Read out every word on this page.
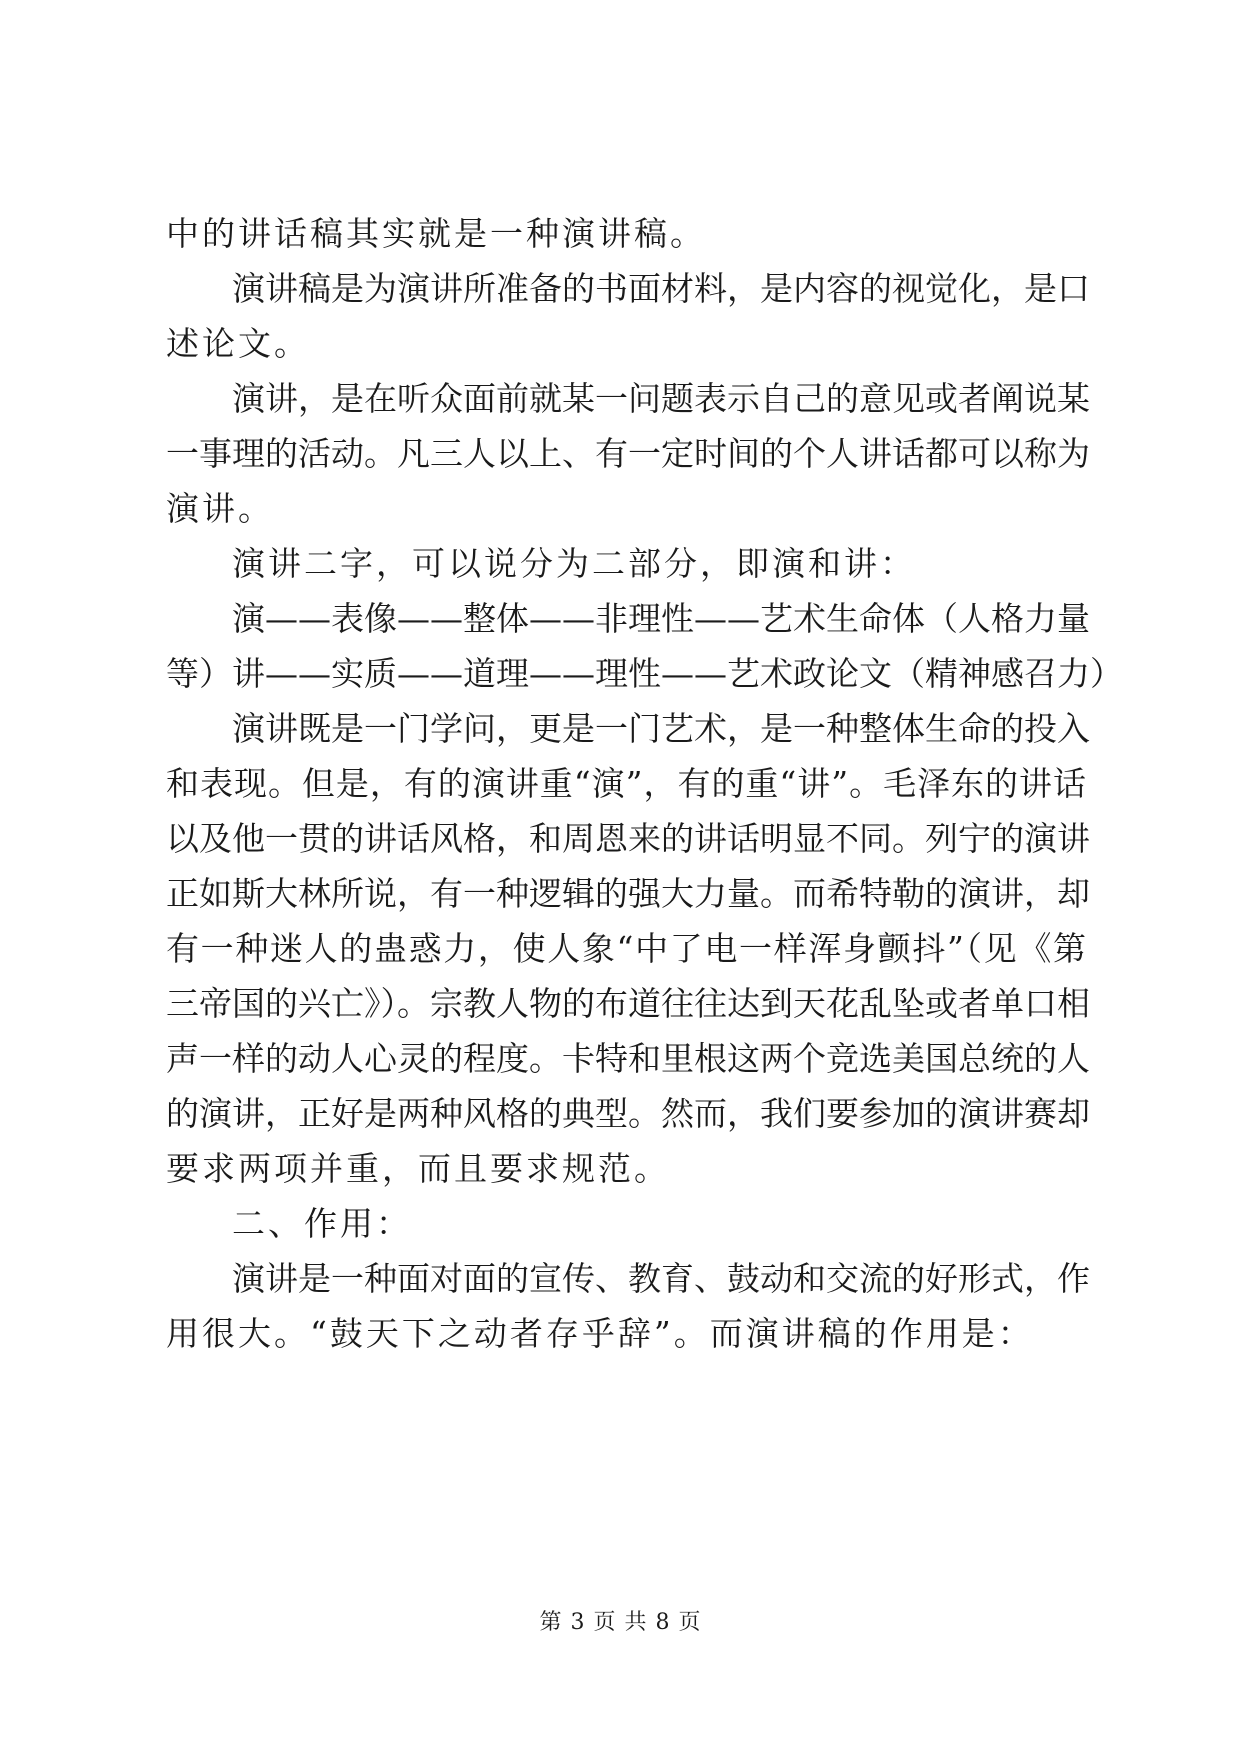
中的讲话稿其实就是一种演讲稿。
演讲稿是为演讲所准备的书面材料，是内容的视觉化，是口
述论文。
演讲，是在听众面前就某一问题表示自己的意见或者阐说某
一事理的活动。凡三人以上、有一定时间的个人讲话都可以称为
演讲。
演讲二字，可以说分为二部分，即演和讲：
演——表像——整体——非理性——艺术生命体（人格力量
等）讲——实质——道理——理性——艺术政论文（精神感召力）
演讲既是一门学问，更是一门艺术，是一种整体生命的投入
和表现。但是，有的演讲重“演”，有的重“讲”。毛泽东的讲话
以及他一贯的讲话风格，和周恩来的讲话明显不同。列宁的演讲
正如斯大林所说，有一种逻辑的强大力量。而希特勒的演讲，却
有一种迷人的蛊惑力，使人象“中了电一样浑身颤抖”（见《第
三帝国的兴亡》）。宗教人物的布道往往达到天花乱坠或者单口相
声一样的动人心灵的程度。卡特和里根这两个竞选美国总统的人
的演讲，正好是两种风格的典型。然而，我们要参加的演讲赛却
要求两项并重，而且要求规范。
二、作用：
演讲是一种面对面的宣传、教育、鼓动和交流的好形式，作
用很大。“鼓天下之动者存乎辞”。而演讲稿的作用是：
第 3 页 共 8 页
